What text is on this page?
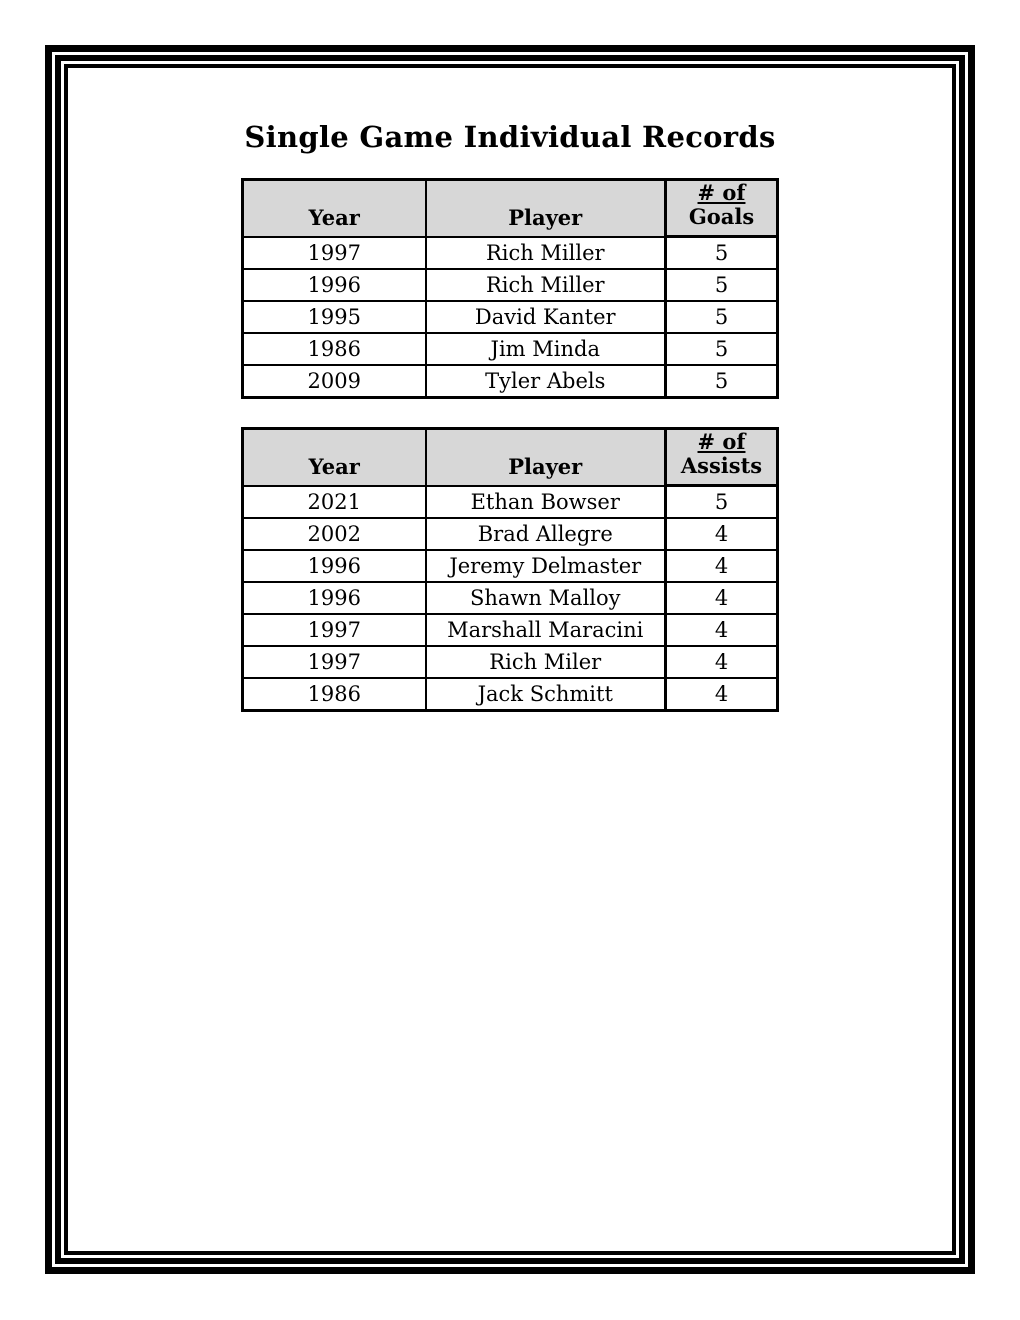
Single Game Individual Records
Year	Player	# of
Goals
1997	Rich Miller	5
1996	Rich Miller	5
1995	David Kanter	5
1986	Jim Minda	5
2009	Tyler Abels	5
Year	Player	# of
Assists
2021	Ethan Bowser	5
2002	Brad Allegre	4
1996	Jeremy Delmaster	4
1996	Shawn Malloy	4
1997	Marshall Maracini	4
1997	Rich Miler	4
1986	Jack Schmitt	4
